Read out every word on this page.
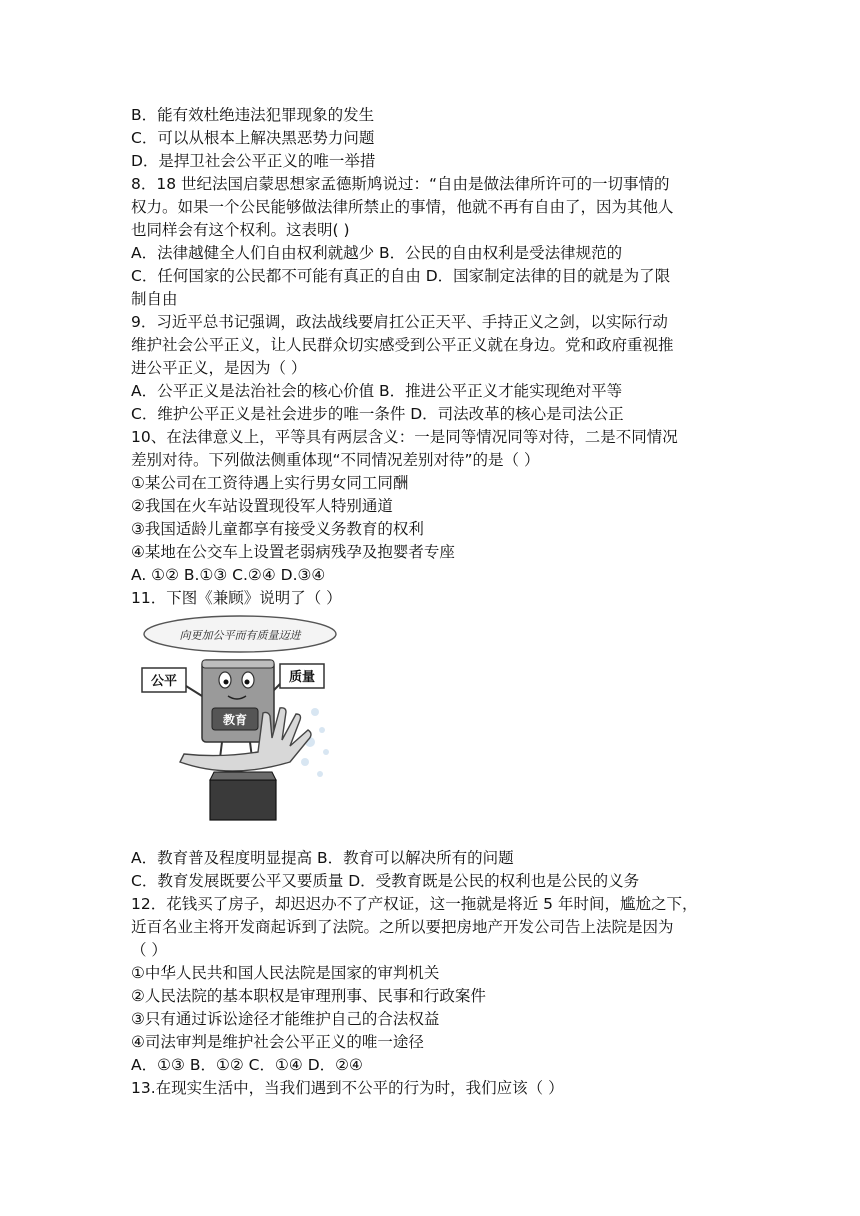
B．能有效杜绝违法犯罪现象的发生
C．可以从根本上解决黑恶势力问题
D．是捍卫社会公平正义的唯一举措
8．18 世纪法国启蒙思想家孟德斯鸠说过：“自由是做法律所许可的一切事情的
权力。如果一个公民能够做法律所禁止的事情，他就不再有自由了，因为其他人
也同样会有这个权利。这表明( )
A．法律越健全人们自由权利就越少 B．公民的自由权利是受法律规范的
C．任何国家的公民都不可能有真正的自由 D．国家制定法律的目的就是为了限
制自由
9．习近平总书记强调，政法战线要肩扛公正天平、手持正义之剑，以实际行动
维护社会公平正义，让人民群众切实感受到公平正义就在身边。党和政府重视推
进公平正义，是因为（ ）
A．公平正义是法治社会的核心价值 B．推进公平正义才能实现绝对平等
C．维护公平正义是社会进步的唯一条件 D．司法改革的核心是司法公正
10、在法律意义上，平等具有两层含义：一是同等情况同等对待，二是不同情况
差别对待。下列做法侧重体现“不同情况差别对待”的是（ ）
①某公司在工资待遇上实行男女同工同酬
②我国在火车站设置现役军人特别通道
③我国适龄儿童都享有接受义务教育的权利
④某地在公交车上设置老弱病残孕及抱婴者专座
A. ①② B.①③ C.②④ D.③④
11．下图《兼顾》说明了（ ）
向更加公平而有质量迈进
公平	质量
教育
A．教育普及程度明显提高 B．教育可以解决所有的问题
C．教育发展既要公平又要质量 D．受教育既是公民的权利也是公民的义务
12．花钱买了房子，却迟迟办不了产权证，这一拖就是将近 5 年时间，尴尬之下，
近百名业主将开发商起诉到了法院。之所以要把房地产开发公司告上法院是因为
（ ）
①中华人民共和国人民法院是国家的审判机关
②人民法院的基本职权是审理刑事、民事和行政案件
③只有通过诉讼途径才能维护自己的合法权益
④司法审判是维护社会公平正义的唯一途径
A．①③ B．①② C．①④ D．②④
13.在现实生活中，当我们遇到不公平的行为时，我们应该（ ）
